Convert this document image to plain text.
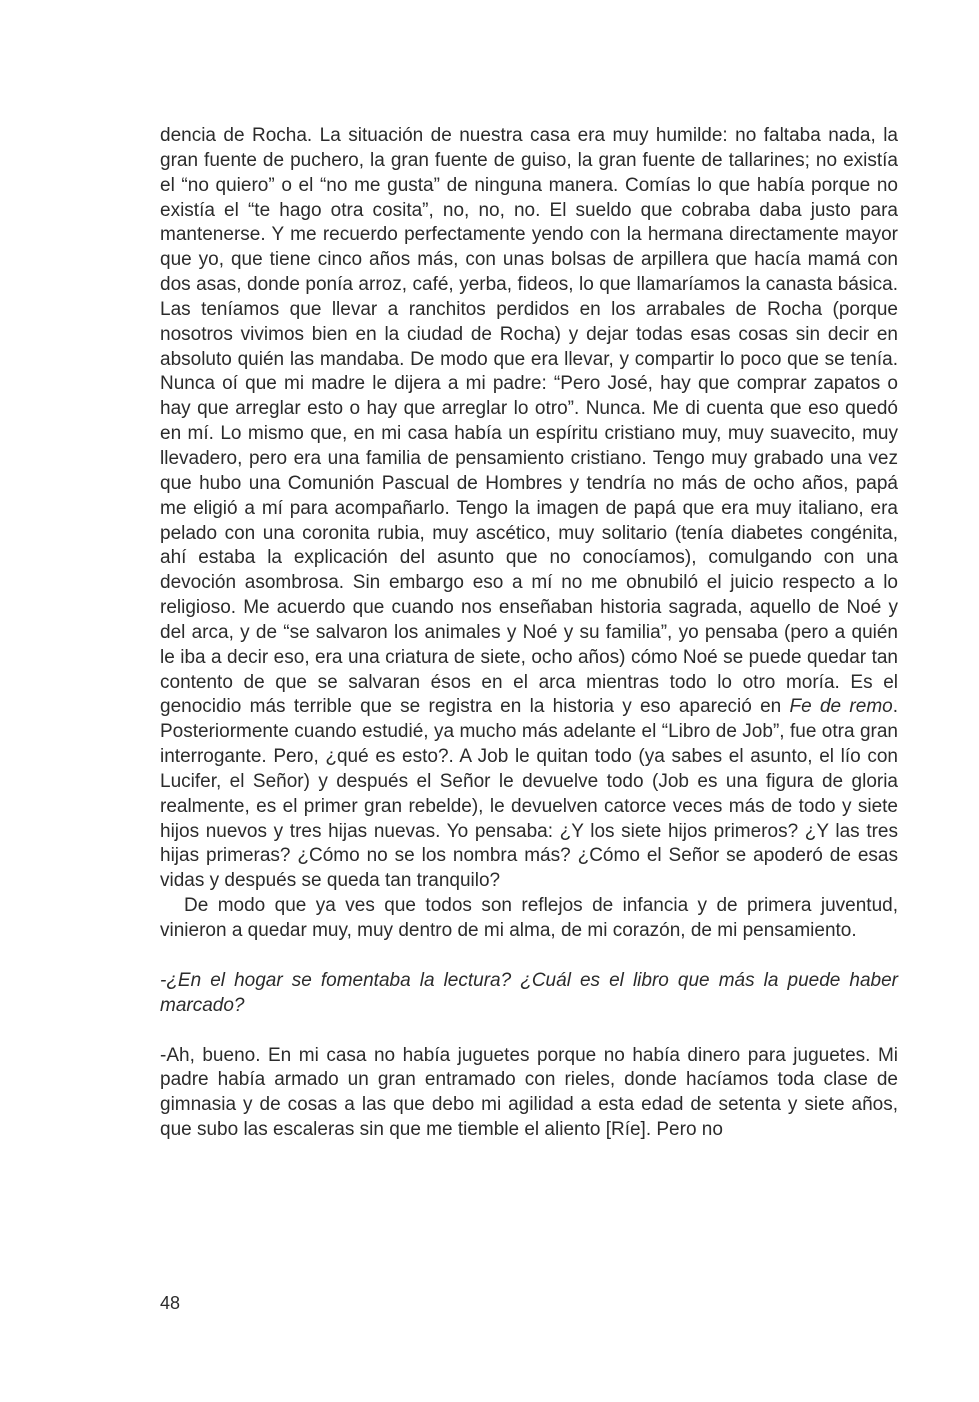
dencia de Rocha. La situación de nuestra casa era muy humilde: no faltaba nada, la gran fuente de puchero, la gran fuente de guiso, la gran fuente de tallarines; no existía el “no quiero” o el “no me gusta” de ninguna manera. Comías lo que había porque no existía el “te hago otra cosita”, no, no, no. El sueldo que cobraba daba justo para mantenerse. Y me recuerdo perfectamente yendo con la hermana directamente mayor que yo, que tiene cinco años más, con unas bolsas de arpillera que hacía mamá con dos asas, donde ponía arroz, café, yerba, fideos, lo que llamaríamos la canasta básica. Las teníamos que llevar a ranchitos perdidos en los arrabales de Rocha (porque nosotros vivimos bien en la ciudad de Rocha) y dejar todas esas cosas sin decir en absoluto quién las mandaba. De modo que era llevar, y compartir lo poco que se tenía. Nunca oí que mi madre le dijera a mi padre: “Pero José, hay que comprar zapatos o hay que arreglar esto o hay que arreglar lo otro”. Nunca. Me di cuenta que eso quedó en mí. Lo mismo que, en mi casa había un espíritu cristiano muy, muy suavecito, muy llevadero, pero era una familia de pensamiento cristiano. Tengo muy grabado una vez que hubo una Comunión Pascual de Hombres y tendría no más de ocho años, papá me eligió a mí para acompañarlo. Tengo la imagen de papá que era muy italiano, era pelado con una coronita rubia, muy ascético, muy solitario (tenía diabetes congénita, ahí estaba la explicación del asunto que no conocíamos), comulgando con una devoción asombrosa. Sin embargo eso a mí no me obnubiló el juicio respecto a lo religioso. Me acuerdo que cuando nos enseñaban historia sagrada, aquello de Noé y del arca, y de “se salvaron los animales y Noé y su familia”, yo pensaba (pero a quién le iba a decir eso, era una criatura de siete, ocho años) cómo Noé se puede quedar tan contento de que se salvaran ésos en el arca mientras todo lo otro moría. Es el genocidio más terrible que se registra en la historia y eso apareció en Fe de remo. Posteriormente cuando estudié, ya mucho más adelante el “Libro de Job”, fue otra gran interrogante. Pero, ¿qué es esto?. A Job le quitan todo (ya sabes el asunto, el lío con Lucifer, el Señor) y después el Señor le devuelve todo (Job es una figura de gloria realmente, es el primer gran rebelde), le devuelven catorce veces más de todo y siete hijos nuevos y tres hijas nuevas. Yo pensaba: ¿Y los siete hijos primeros? ¿Y las tres hijas primeras? ¿Cómo no se los nombra más? ¿Cómo el Señor se apoderó de esas vidas y después se queda tan tranquilo?

De modo que ya ves que todos son reflejos de infancia y de primera juventud, vinieron a quedar muy, muy dentro de mi alma, de mi corazón, de mi pensamiento.

-¿En el hogar se fomentaba la lectura? ¿Cuál es el libro que más la puede haber marcado?

-Ah, bueno. En mi casa no había juguetes porque no había dinero para juguetes. Mi padre había armado un gran entramado con rieles, donde hacíamos toda clase de gimnasia y de cosas a las que debo mi agilidad a esta edad de setenta y siete años, que subo las escaleras sin que me tiemble el aliento [Ríe]. Pero no

48
